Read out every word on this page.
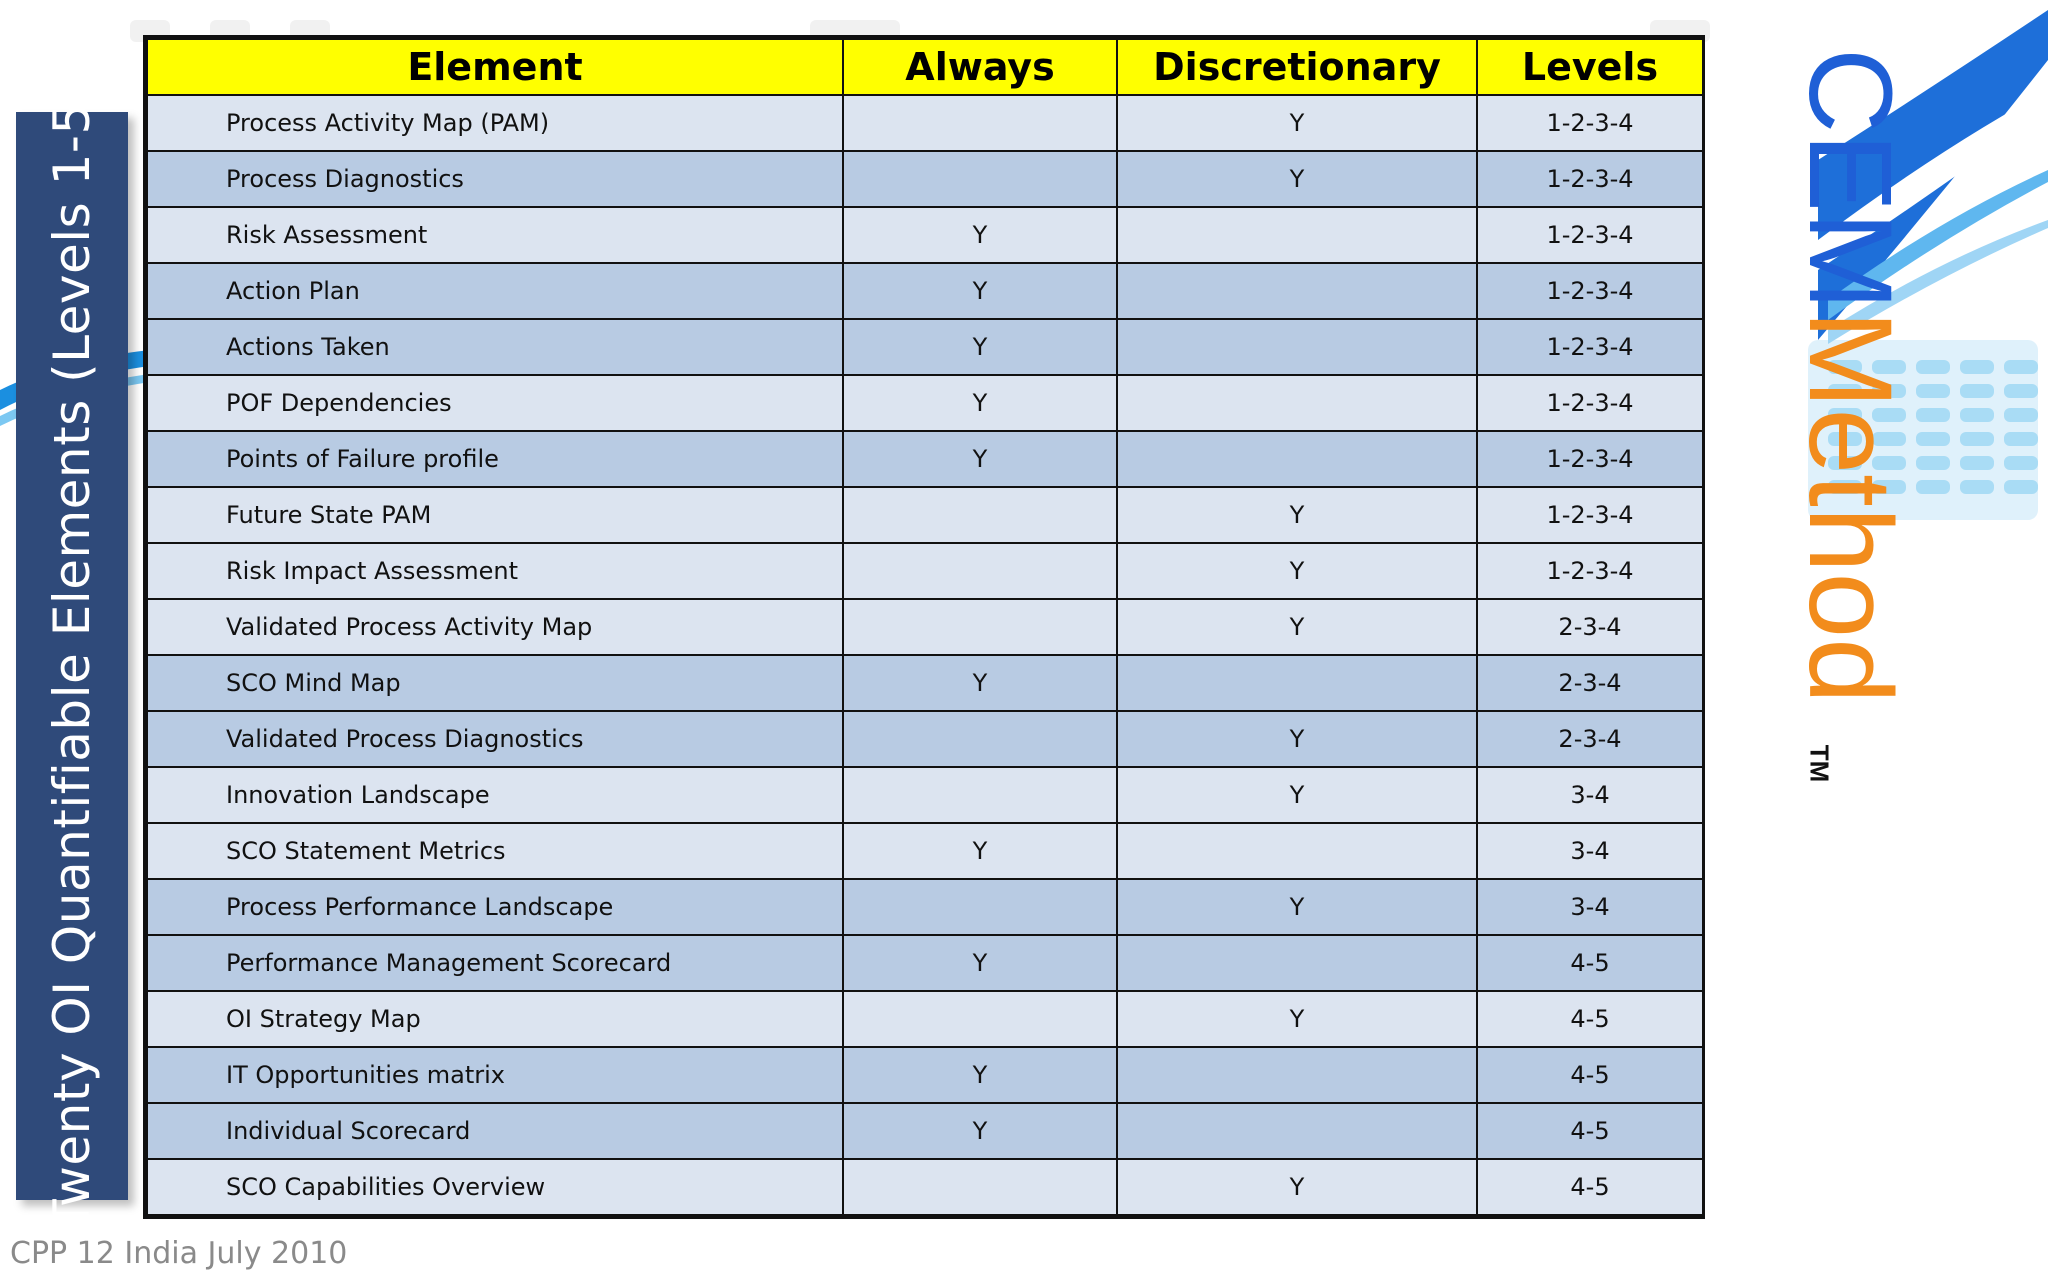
Twenty OI Quantifiable Elements (Levels 1-5)
Element	Always	Discretionary	Levels
Process Activity Map (PAM)		Y	1-2-3-4
Process Diagnostics		Y	1-2-3-4
Risk Assessment	Y		1-2-3-4
Action Plan	Y		1-2-3-4
Actions Taken	Y		1-2-3-4
POF Dependencies	Y		1-2-3-4
Points of Failure profile	Y		1-2-3-4
Future State PAM		Y	1-2-3-4
Risk Impact Assessment		Y	1-2-3-4
Validated Process Activity Map		Y	2-3-4
SCO Mind Map	Y		2-3-4
Validated Process Diagnostics		Y	2-3-4
Innovation Landscape		Y	3-4
SCO Statement Metrics	Y		3-4
Process Performance Landscape		Y	3-4
Performance Management Scorecard	Y		4-5
OI Strategy Map		Y	4-5
IT Opportunities matrix	Y		4-5
Individual Scorecard	Y		4-5
SCO Capabilities Overview		Y	4-5
CEMMethod
TM
CPP 12 India July 2010
